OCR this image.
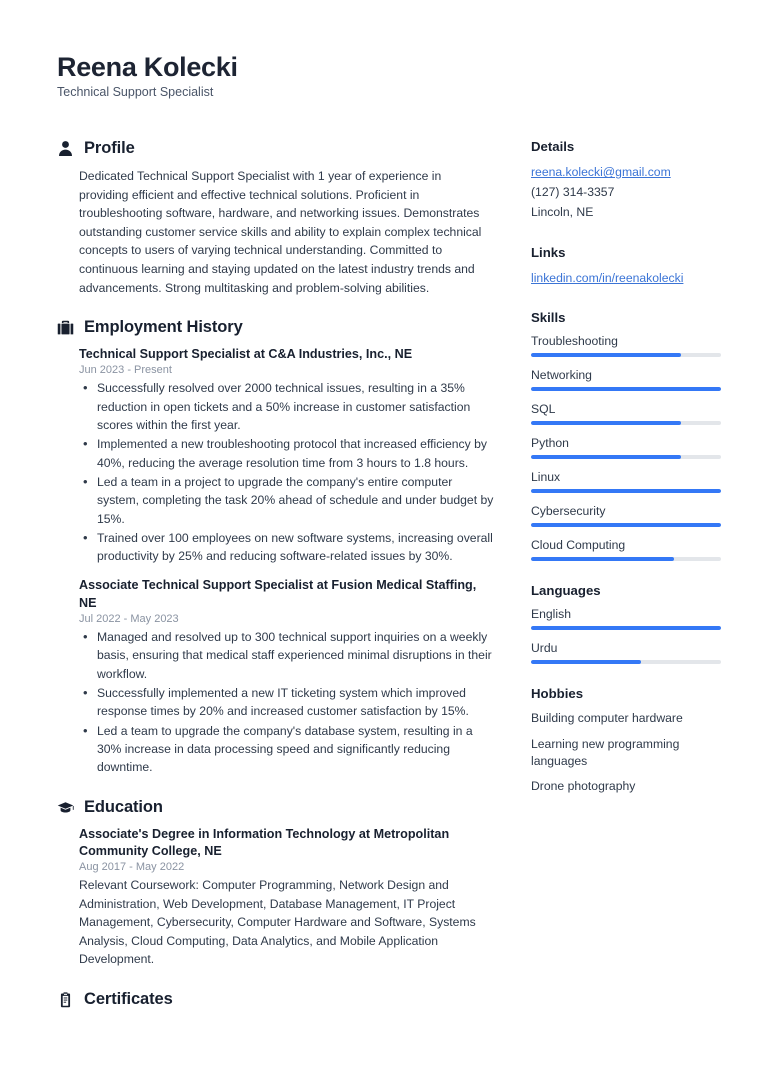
Reena Kolecki
Technical Support Specialist
Profile
Dedicated Technical Support Specialist with 1 year of experience in providing efficient and effective technical solutions. Proficient in troubleshooting software, hardware, and networking issues. Demonstrates outstanding customer service skills and ability to explain complex technical concepts to users of varying technical understanding. Committed to continuous learning and staying updated on the latest industry trends and advancements. Strong multitasking and problem-solving abilities.
Employment History
Technical Support Specialist at C&A Industries, Inc., NE
Jun 2023 - Present
• Successfully resolved over 2000 technical issues, resulting in a 35% reduction in open tickets and a 50% increase in customer satisfaction scores within the first year.
• Implemented a new troubleshooting protocol that increased efficiency by 40%, reducing the average resolution time from 3 hours to 1.8 hours.
• Led a team in a project to upgrade the company's entire computer system, completing the task 20% ahead of schedule and under budget by 15%.
• Trained over 100 employees on new software systems, increasing overall productivity by 25% and reducing software-related issues by 30%.
Associate Technical Support Specialist at Fusion Medical Staffing, NE
Jul 2022 - May 2023
• Managed and resolved up to 300 technical support inquiries on a weekly basis, ensuring that medical staff experienced minimal disruptions in their workflow.
• Successfully implemented a new IT ticketing system which improved response times by 20% and increased customer satisfaction by 15%.
• Led a team to upgrade the company's database system, resulting in a 30% increase in data processing speed and significantly reducing downtime.
Education
Associate's Degree in Information Technology at Metropolitan Community College, NE
Aug 2017 - May 2022
Relevant Coursework: Computer Programming, Network Design and Administration, Web Development, Database Management, IT Project Management, Cybersecurity, Computer Hardware and Software, Systems Analysis, Cloud Computing, Data Analytics, and Mobile Application Development.
Certificates
Details
reena.kolecki@gmail.com
(127) 314-3357
Lincoln, NE
Links
linkedin.com/in/reenakolecki
Skills
Troubleshooting
Networking
SQL
Python
Linux
Cybersecurity
Cloud Computing
Languages
English
Urdu
Hobbies
Building computer hardware
Learning new programming languages
Drone photography
